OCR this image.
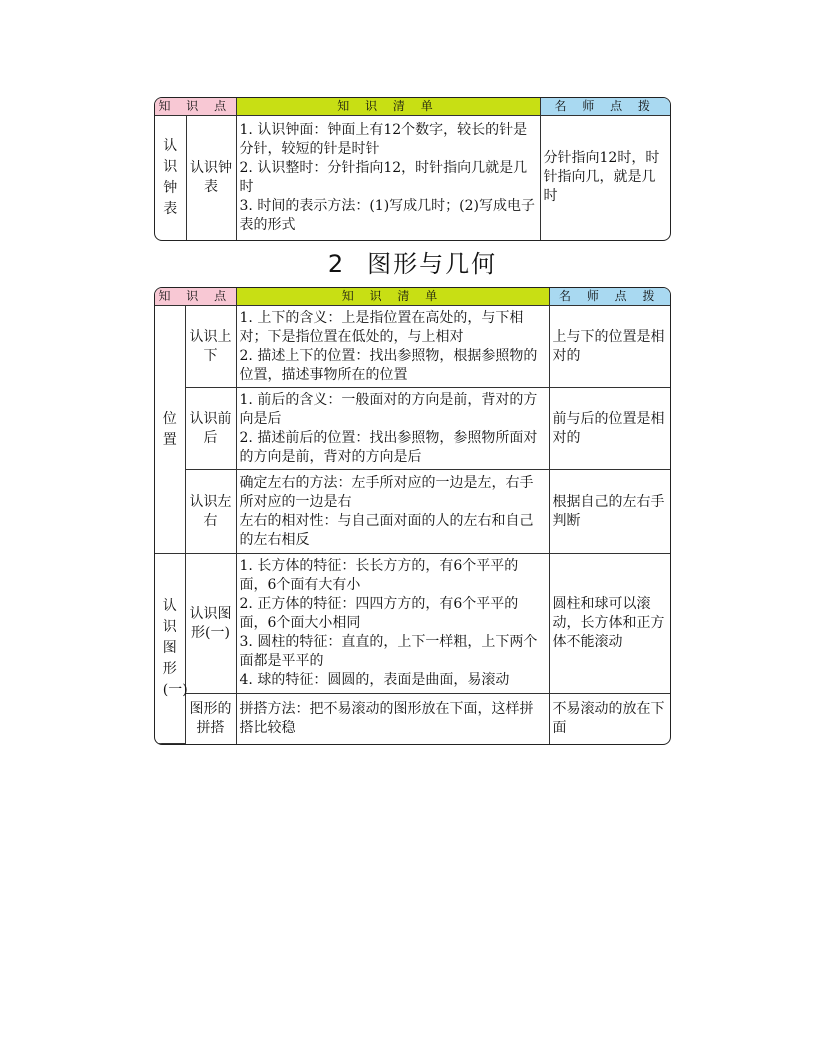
知 识 点		知 识 清 单	名 师 点 拨

认识钟表	认识钟表	1. 认识钟面：钟面上有12个数字，较长的针是分针，较短的针是时针
2. 认识整时：分针指向12，时针指向几就是几时
3. 时间的表示方法：(1)写成几时；(2)写成电子表的形式	分针指向12时，时针指向几，就是几时
2 图形与几何
知 识 点		知 识 清 单	名 师 点 拨

位置	认识上下	1. 上下的含义：上是指位置在高处的，与下相对；下是指位置在低处的，与上相对
2. 描述上下的位置：找出参照物，根据参照物的位置，描述事物所在的位置	上与下的位置是相对的
	认识前后	1. 前后的含义：一般面对的方向是前，背对的方向是后
2. 描述前后的位置：找出参照物，参照物所面对的方向是前，背对的方向是后	前与后的位置是相对的
	认识左右	确定左右的方法：左手所对应的一边是左，右手所对应的一边是右
左右的相对性：与自己面对面的人的左右和自己的左右相反	根据自己的左右手判断

认识图形(一)	认识图形(一)	1. 长方体的特征：长长方方的，有6个平平的面，6个面有大有小
2. 正方体的特征：四四方方的，有6个平平的面，6个面大小相同
3. 圆柱的特征：直直的，上下一样粗，上下两个面都是平平的
4. 球的特征：圆圆的，表面是曲面，易滚动	圆柱和球可以滚动，长方体和正方体不能滚动
	图形的拼搭	拼搭方法：把不易滚动的图形放在下面，这样拼搭比较稳	不易滚动的放在下面
